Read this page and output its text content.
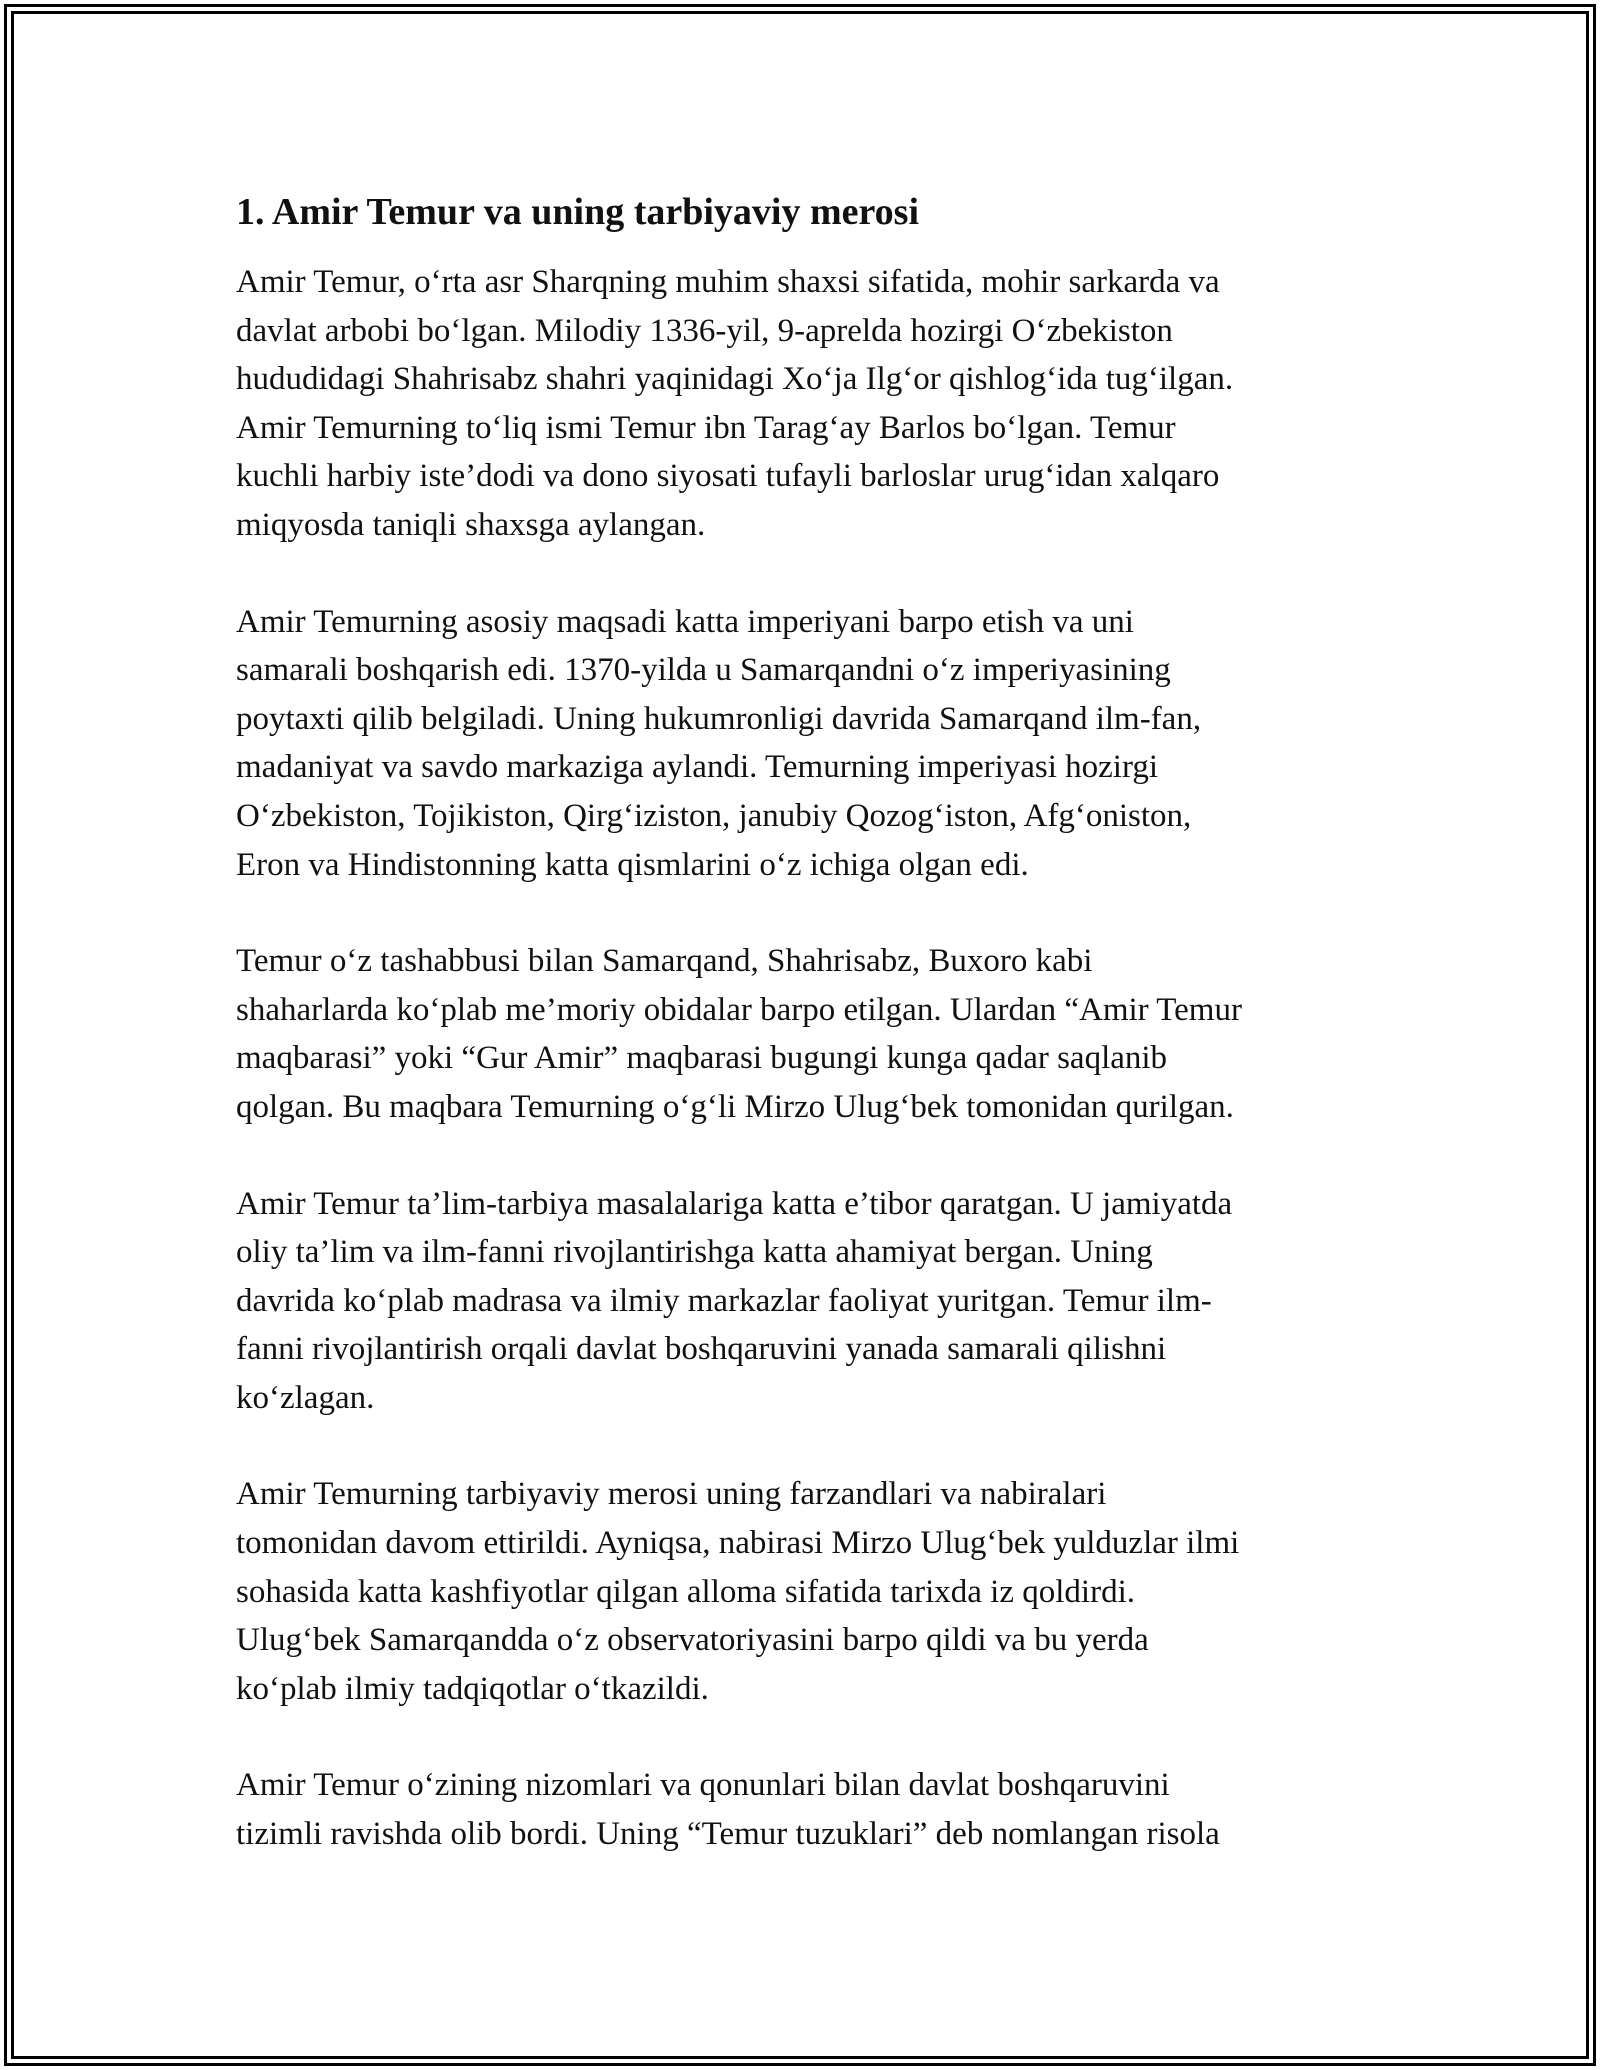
1. Amir Temur va uning tarbiyaviy merosi
Amir Temur, o‘rta asr Sharqning muhim shaxsi sifatida, mohir sarkarda va
davlat arbobi bo‘lgan. Milodiy 1336-yil, 9-aprelda hozirgi O‘zbekiston
hududidagi Shahrisabz shahri yaqinidagi Xo‘ja Ilg‘or qishlog‘ida tug‘ilgan.
Amir Temurning to‘liq ismi Temur ibn Tarag‘ay Barlos bo‘lgan. Temur
kuchli harbiy iste’dodi va dono siyosati tufayli barloslar urug‘idan xalqaro
miqyosda taniqli shaxsga aylangan.
Amir Temurning asosiy maqsadi katta imperiyani barpo etish va uni
samarali boshqarish edi. 1370-yilda u Samarqandni o‘z imperiyasining
poytaxti qilib belgiladi. Uning hukumronligi davrida Samarqand ilm-fan,
madaniyat va savdo markaziga aylandi. Temurning imperiyasi hozirgi
O‘zbekiston, Tojikiston, Qirg‘iziston, janubiy Qozog‘iston, Afg‘oniston,
Eron va Hindistonning katta qismlarini o‘z ichiga olgan edi.
Temur o‘z tashabbusi bilan Samarqand, Shahrisabz, Buxoro kabi
shaharlarda ko‘plab me’moriy obidalar barpo etilgan. Ulardan “Amir Temur
maqbarasi” yoki “Gur Amir” maqbarasi bugungi kunga qadar saqlanib
qolgan. Bu maqbara Temurning o‘g‘li Mirzo Ulug‘bek tomonidan qurilgan.
Amir Temur ta’lim-tarbiya masalalariga katta e’tibor qaratgan. U jamiyatda
oliy ta’lim va ilm-fanni rivojlantirishga katta ahamiyat bergan. Uning
davrida ko‘plab madrasa va ilmiy markazlar faoliyat yuritgan. Temur ilm-
fanni rivojlantirish orqali davlat boshqaruvini yanada samarali qilishni
ko‘zlagan.
Amir Temurning tarbiyaviy merosi uning farzandlari va nabiralari
tomonidan davom ettirildi. Ayniqsa, nabirasi Mirzo Ulug‘bek yulduzlar ilmi
sohasida katta kashfiyotlar qilgan alloma sifatida tarixda iz qoldirdi.
Ulug‘bek Samarqandda o‘z observatoriyasini barpo qildi va bu yerda
ko‘plab ilmiy tadqiqotlar o‘tkazildi.
Amir Temur o‘zining nizomlari va qonunlari bilan davlat boshqaruvini
tizimli ravishda olib bordi. Uning “Temur tuzuklari” deb nomlangan risola
